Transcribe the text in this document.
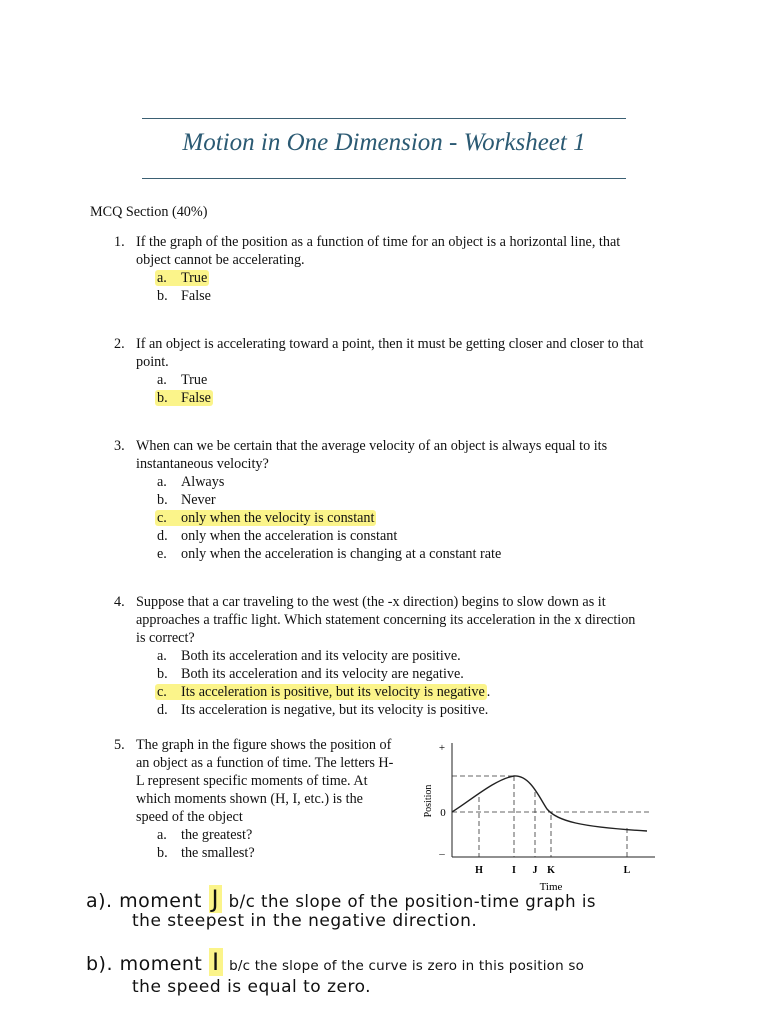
Motion in One Dimension - Worksheet 1
MCQ Section (40%)
1. If the graph of the position as a function of time for an object is a horizontal line, that
object cannot be accelerating.
a. True
b. False
2. If an object is accelerating toward a point, then it must be getting closer and closer to that
point.
a. True
b. False
3. When can we be certain that the average velocity of an object is always equal to its
instantaneous velocity?
a. Always
b. Never
c. only when the velocity is constant
d. only when the acceleration is constant
e. only when the acceleration is changing at a constant rate
4. Suppose that a car traveling to the west (the -x direction) begins to slow down as it
approaches a traffic light. Which statement concerning its acceleration in the x direction
is correct?
a. Both its acceleration and its velocity are positive.
b. Both its acceleration and its velocity are negative.
c. Its acceleration is positive, but its velocity is negative .
d. Its acceleration is negative, but its velocity is positive.
5. The graph in the figure shows the position of
an object as a function of time. The letters H-
L represent specific moments of time. At
which moments shown (H, I, etc.) is the
speed of the object
a. the greatest?
b. the smallest?
+
0
–
Position
H	I J K	L
Time
a). moment J b/c the slope of the position-time graph is
the steepest in the negative direction.
b). moment I b/c the slope of the curve is zero in this position so
the speed is equal to zero.
